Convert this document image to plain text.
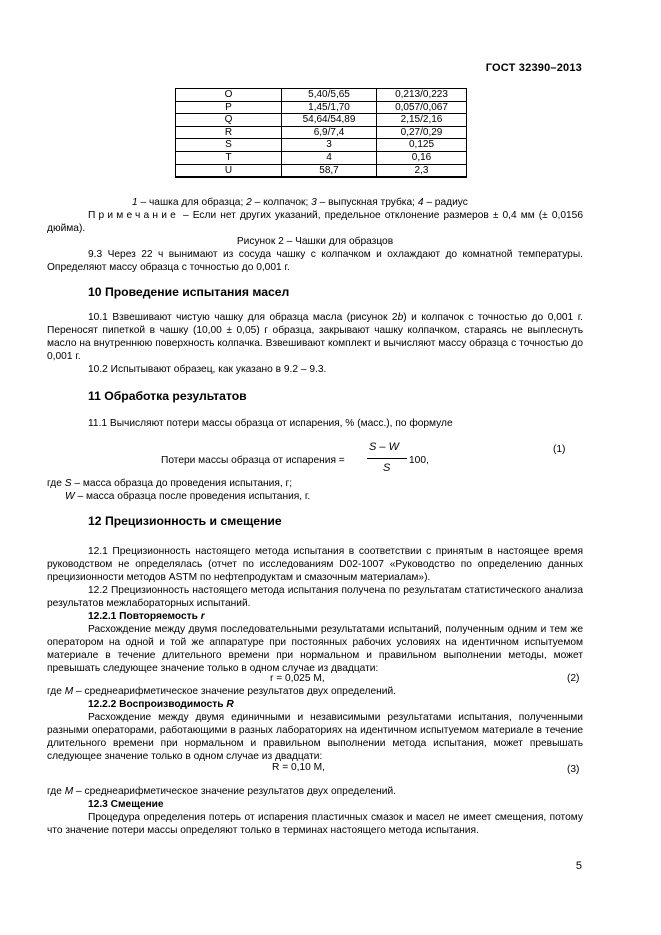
ГОСТ 32390–2013
O	5,40/5,65	0,213/0,223
P	1,45/1,70	0,057/0,067
Q	54,64/54,89	2,15/2,16
R	6,9/7,4	0,27/0,29
S	3	0,125
T	4	0,16
U	58,7	2,3

1 – чашка для образца; 2 – колпачок; 3 – выпускная трубка; 4 – радиус

Примечание – Если нет других указаний, предельное отклонение размеров ± 0,4 мм (± 0,0156 дюйма).

Рисунок 2 – Чашки для образцов

9.3 Через 22 ч вынимают из сосуда чашку с колпачком и охлаждают до комнатной температуры. Определяют массу образца с точностью до 0,001 г.

10 Проведение испытания масел

10.1 Взвешивают чистую чашку для образца масла (рисунок 2b) и колпачок с точностью до 0,001 г. Переносят пипеткой в чашку (10,00 ± 0,05) г образца, закрывают чашку колпачком, стараясь не выплеснуть масло на внутреннюю поверхность колпачка. Взвешивают комплект и вычисляют массу образца с точностью до 0,001 г.

10.2 Испытывают образец, как указано в 9.2 – 9.3.

11 Обработка результатов

11.1 Вычисляют потери массы образца от испарения, % (масс.), по формуле

Потери массы образца от испарения =
S – W
S
100,
(1)
где S – масса образца до проведения испытания, г;
W – масса образца после проведения испытания, г.
12 Прецизионность и смещение

12.1 Прецизионность настоящего метода испытания в соответствии с принятым в настоящее время руководством не определялась (отчет по исследованиям D02-1007 «Руководство по определению данных прецизионности методов ASTM по нефтепродуктам и смазочным материалам»).

12.2 Прецизионность настоящего метода испытания получена по результатам статистического анализа результатов межлабораторных испытаний.

12.2.1 Повторяемость r

Расхождение между двумя последовательными результатами испытаний, полученным одним и тем же оператором на одной и той же аппаратуре при постоянных рабочих условиях на идентичном испытуемом материале в течение длительного времени при нормальном и правильном выполнении методы, может превышать следующее значение только в одном случае из двадцати:

r = 0,025 M,	(2)

где М – среднеарифметическое значение результатов двух определений.

12.2.2 Воспроизводимость R

Расхождение между двумя единичными и независимыми результатами испытания, полученными разными операторами, работающими в разных лабораториях на идентичном испытуемом материале в течение длительного времени при нормальном и правильном выполнении метода испытания, может превышать следующее значение только в одном случае из двадцати:

R = 0,10 M,	(3)

где М – среднеарифметическое значение результатов двух определений.

12.3 Смещение

Процедура определения потерь от испарения пластичных смазок и масел не имеет смещения, потому что значение потери массы определяют только в терминах настоящего метода испытания.

5
